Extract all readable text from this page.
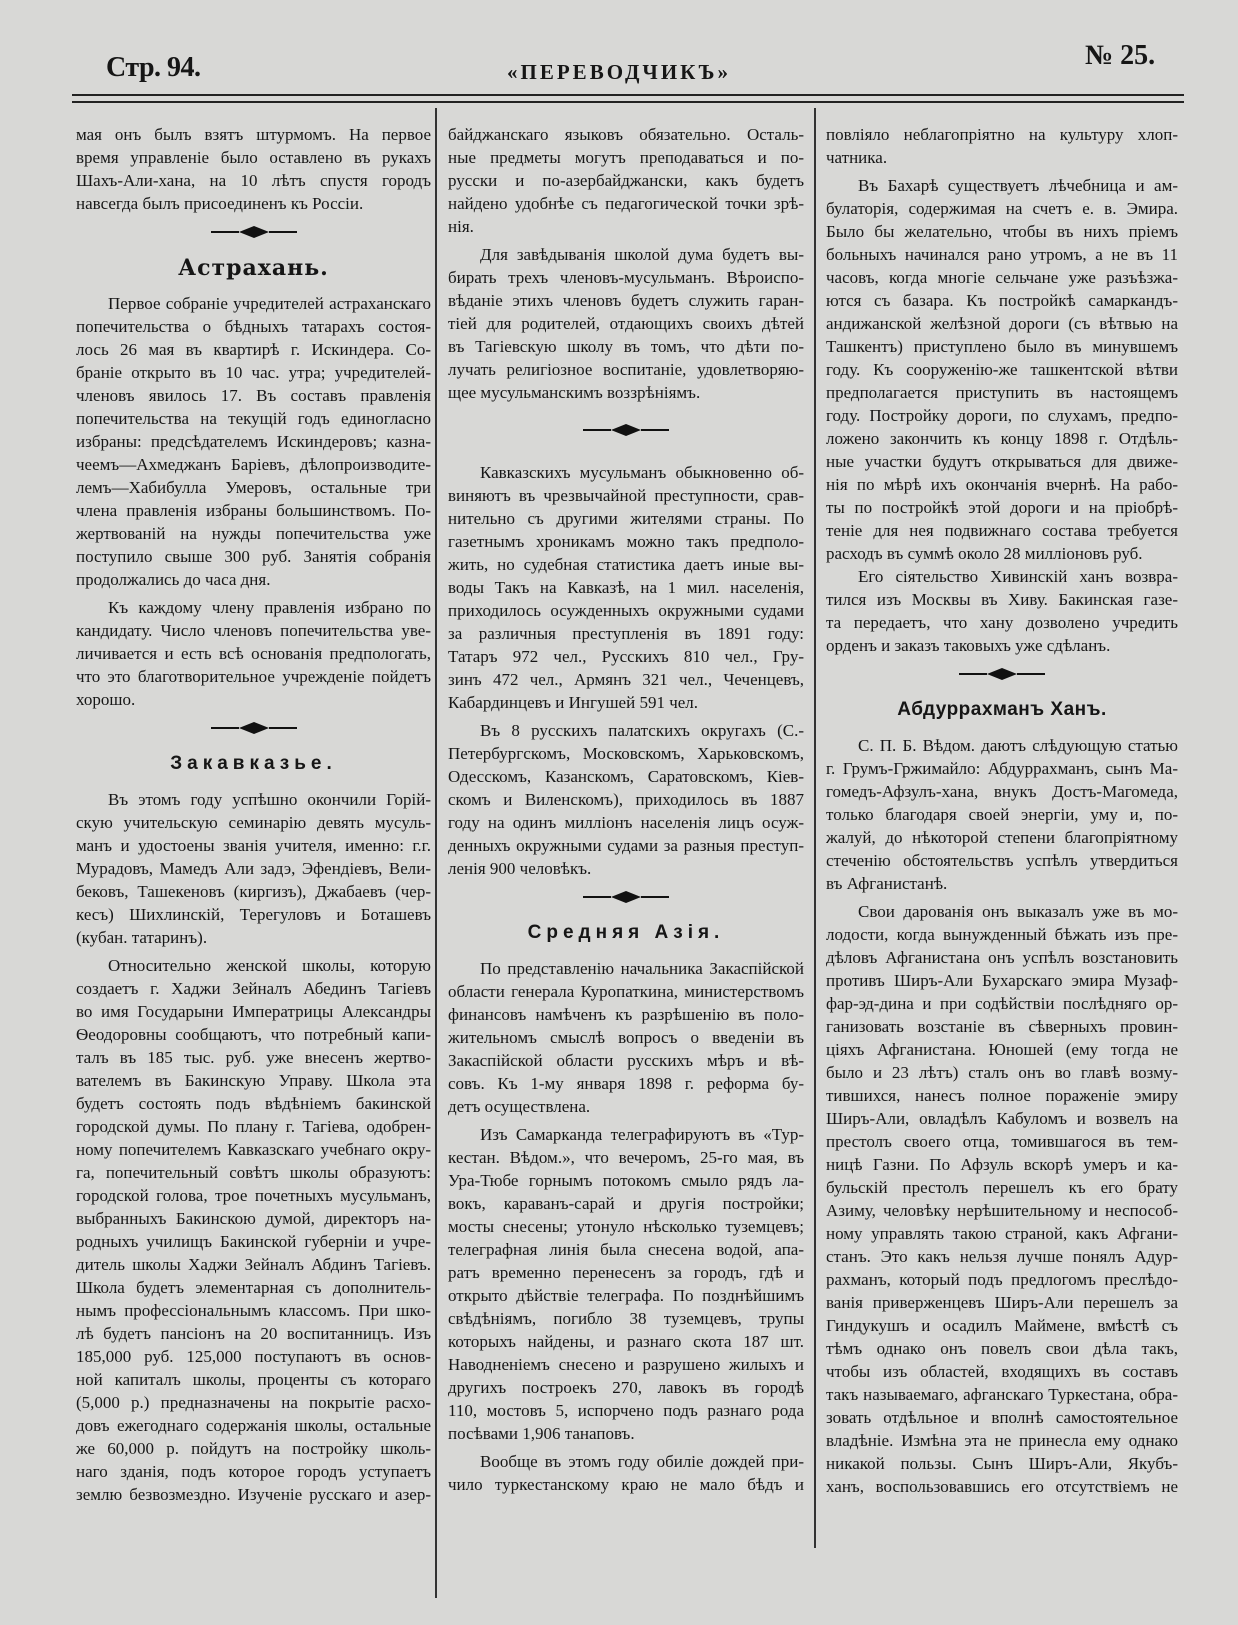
Стр. 94.	«ПЕРЕВОДЧИКЪ»
№ 25.
мая онъ былъ взятъ штурмомъ. На первое
время управленіе было оставлено въ рукахъ
Шахъ-Али-хана, на 10 лѣтъ спустя городъ
навсегда былъ присоединенъ къ Россіи.
Астрахань.
Первое собраніе учредителей астраханскаго
попечительства о бѣдныхъ татарахъ состоя-
лось 26 мая въ квартирѣ г. Искиндера. Со-
браніе открыто въ 10 час. утра; учредителей-
членовъ явилось 17. Въ составъ правленія
попечительства на текущій годъ единогласно
избраны: предсѣдателемъ Искиндеровъ; казна-
чеемъ—Ахмеджанъ Баріевъ, дѣлопроизводите-
лемъ—Хабибулла Умеровъ, остальные три
члена правленія избраны большинствомъ. По-
жертвованій на нужды попечительства уже
поступило свыше 300 руб. Занятія собранія
продолжались до часа дня.
Къ каждому члену правленія избрано по
кандидату. Число членовъ попечительства уве-
личивается и есть всѣ основанія предпологать,
что это благотворительное учрежденіе пойдетъ
хорошо.
Закавказье.
Въ этомъ году успѣшно окончили Горій-
скую учительскую семинарію девять мусуль-
манъ и удостоены званія учителя, именно: г.г.
Мурадовъ, Мамедъ Али задэ, Эфендіевъ, Вели-
бековъ, Ташекеновъ (киргизъ), Джабаевъ (чер-
кесъ) Шихлинскій, Терегуловъ и Боташевъ
(кубан. татаринъ).
Относительно женской школы, которую
создаетъ г. Хаджи Зейналъ Абединъ Тагіевъ
во имя Государыни Императрицы Александры
Ѳеодоровны сообщаютъ, что потребный капи-
талъ въ 185 тыс. руб. уже внесенъ жертво-
вателемъ въ Бакинскую Управу. Школа эта
будетъ состоять подъ вѣдѣніемъ бакинской
городской думы. По плану г. Тагіева, одобрен-
ному попечителемъ Кавказскаго учебнаго окру-
га, попечительный совѣтъ школы образуютъ:
городской голова, трое почетныхъ мусульманъ,
выбранныхъ Бакинскою думой, директоръ на-
родныхъ училищъ Бакинской губерніи и учре-
дитель школы Хаджи Зейналъ Абдинъ Тагіевъ.
Школа будетъ элементарная съ дополнитель-
нымъ профессіональнымъ классомъ. При шко-
лѣ будетъ пансіонъ на 20 воспитанницъ. Изъ
185,000 руб. 125,000 поступаютъ въ основ-
ной капиталъ школы, проценты съ котораго
(5,000 р.) предназначены на покрытіе расхо-
довъ ежегоднаго содержанія школы, остальные
же 60,000 р. пойдутъ на постройку школь-
наго зданія, подъ которое городъ уступаетъ
землю безвозмездно. Изученіе русскаго и азер-
байджанскаго языковъ обязательно. Осталь-
ные предметы могутъ преподаваться и по-
русски и по-азербайджански, какъ будетъ
найдено удобнѣе съ педагогической точки зрѣ-
нія.
Для завѣдыванія школой дума будетъ вы-
бирать трехъ членовъ-мусульманъ. Вѣроиспо-
вѣданіе этихъ членовъ будетъ служить гаран-
тіей для родителей, отдающихъ своихъ дѣтей
въ Тагіевскую школу въ томъ, что дѣти по-
лучать религіозное воспитаніе, удовлетворяю-
щее мусульманскимъ воззрѣніямъ.
Кавказскихъ мусульманъ обыкновенно об-
виняютъ въ чрезвычайной преступности, срав-
нительно съ другими жителями страны. По
газетнымъ хроникамъ можно такъ предполо-
жить, но судебная статистика даетъ иные вы-
воды Такъ на Кавказѣ, на 1 мил. населенія,
приходилось осужденныхъ окружными судами
за различныя преступленія въ 1891 году:
Татаръ 972 чел., Русскихъ 810 чел., Гру-
зинъ 472 чел., Армянъ 321 чел., Чеченцевъ,
Кабардинцевъ и Ингушей 591 чел.
Въ 8 русскихъ палатскихъ округахъ (С.-
Петербургскомъ, Московскомъ, Харьковскомъ,
Одесскомъ, Казанскомъ, Саратовскомъ, Кіев-
скомъ и Виленскомъ), приходилось въ 1887
году на одинъ милліонъ населенія лицъ осуж-
денныхъ окружными судами за разныя преступ-
ленія 900 человѣкъ.
Средняя Азія.
По представленію начальника Закаспійской
области генерала Куропаткина, министерствомъ
финансовъ намѣченъ къ разрѣшенію въ поло-
жительномъ смыслѣ вопросъ о введеніи въ
Закаспійской области русскихъ мѣръ и вѣ-
совъ. Къ 1-му января 1898 г. реформа бу-
детъ осуществлена.
Изъ Самарканда телеграфируютъ въ «Тур-
кестан. Вѣдом.», что вечеромъ, 25-го мая, въ
Ура-Тюбе горнымъ потокомъ смыло рядъ ла-
вокъ, караванъ-сарай и другія постройки;
мосты снесены; утонуло нѣсколько туземцевъ;
телеграфная линія была снесена водой, апа-
ратъ временно перенесенъ за городъ, гдѣ и
открыто дѣйствіе телеграфа. По позднѣйшимъ
свѣдѣніямъ, погибло 38 туземцевъ, трупы
которыхъ найдены, и разнаго скота 187 шт.
Наводненіемъ снесено и разрушено жилыхъ и
другихъ построекъ 270, лавокъ въ городѣ
110, мостовъ 5, испорчено подъ разнаго рода
посѣвами 1,906 танаповъ.
Вообще въ этомъ году обиліе дождей при-
чило туркестанскому краю не мало бѣдъ и
повліяло неблагопріятно на культуру хлоп-
чатника.
Въ Бахарѣ существуетъ лѣчебница и ам-
булаторія, содержимая на счетъ е. в. Эмира.
Было бы желательно, чтобы въ нихъ пріемъ
больныхъ начинался рано утромъ, а не въ 11
часовъ, когда многіе сельчане уже разъѣзжа-
ются съ базара. Къ постройкѣ самаркандъ-
андижанской желѣзной дороги (съ вѣтвью на
Ташкентъ) приступлено было въ минувшемъ
году. Къ сооруженію-же ташкентской вѣтви
предполагается приступить въ настоящемъ
году. Постройку дороги, по слухамъ, предпо-
ложено закончить къ концу 1898 г. Отдѣль-
ные участки будутъ открываться для движе-
нія по мѣрѣ ихъ окончанія вчернѣ. На рабо-
ты по постройкѣ этой дороги и на пріобрѣ-
теніе для нея подвижнаго состава требуется
расходъ въ суммѣ около 28 милліоновъ руб.
Его сіятельство Хивинскій ханъ возвра-
тился изъ Москвы въ Хиву. Бакинская газе-
та передаетъ, что хану дозволено учредить
орденъ и заказъ таковыхъ уже сдѣланъ.
Абдуррахманъ Ханъ.
С. П. Б. Вѣдом. даютъ слѣдующую статью
г. Грумъ-Гржимайло: Абдуррахманъ, сынъ Ма-
гомедъ-Афзулъ-хана, внукъ Достъ-Магомеда,
только благодаря своей энергіи, уму и, по-
жалуй, до нѣкоторой степени благопріятному
стеченію обстоятельствъ успѣлъ утвердиться
въ Афганистанѣ.
Свои дарованія онъ выказалъ уже въ мо-
лодости, когда вынужденный бѣжать изъ пре-
дѣловъ Афганистана онъ успѣлъ возстановить
противъ Ширъ-Али Бухарскаго эмира Музаф-
фар-эд-дина и при содѣйствіи послѣдняго ор-
ганизовать возстаніе въ сѣверныхъ провин-
ціяхъ Афганистана. Юношей (ему тогда не
было и 23 лѣтъ) сталъ онъ во главѣ возму-
тившихся, нанесъ полное пораженіе эмиру
Ширъ-Али, овладѣлъ Кабуломъ и возвелъ на
престолъ своего отца, томившагося въ тем-
ницѣ Газни. По Афзуль вскорѣ умеръ и ка-
бульскій престолъ перешелъ къ его брату
Азиму, человѣку нерѣшительному и неспособ-
ному управлять такою страной, какъ Афгани-
станъ. Это какъ нельзя лучше понялъ Адур-
рахманъ, который подъ предлогомъ преслѣдо-
ванія приверженцевъ Ширъ-Али перешелъ за
Гиндукушъ и осадилъ Маймене, вмѣстѣ съ
тѣмъ однако онъ повелъ свои дѣла такъ,
чтобы изъ областей, входящихъ въ составъ
такъ называемаго, афганскаго Туркестана, обра-
зовать отдѣльное и вполнѣ самостоятельное
владѣніе. Измѣна эта не принесла ему однако
никакой пользы. Сынъ Ширъ-Али, Якубъ-
ханъ, воспользовавшись его отсутствіемъ не
